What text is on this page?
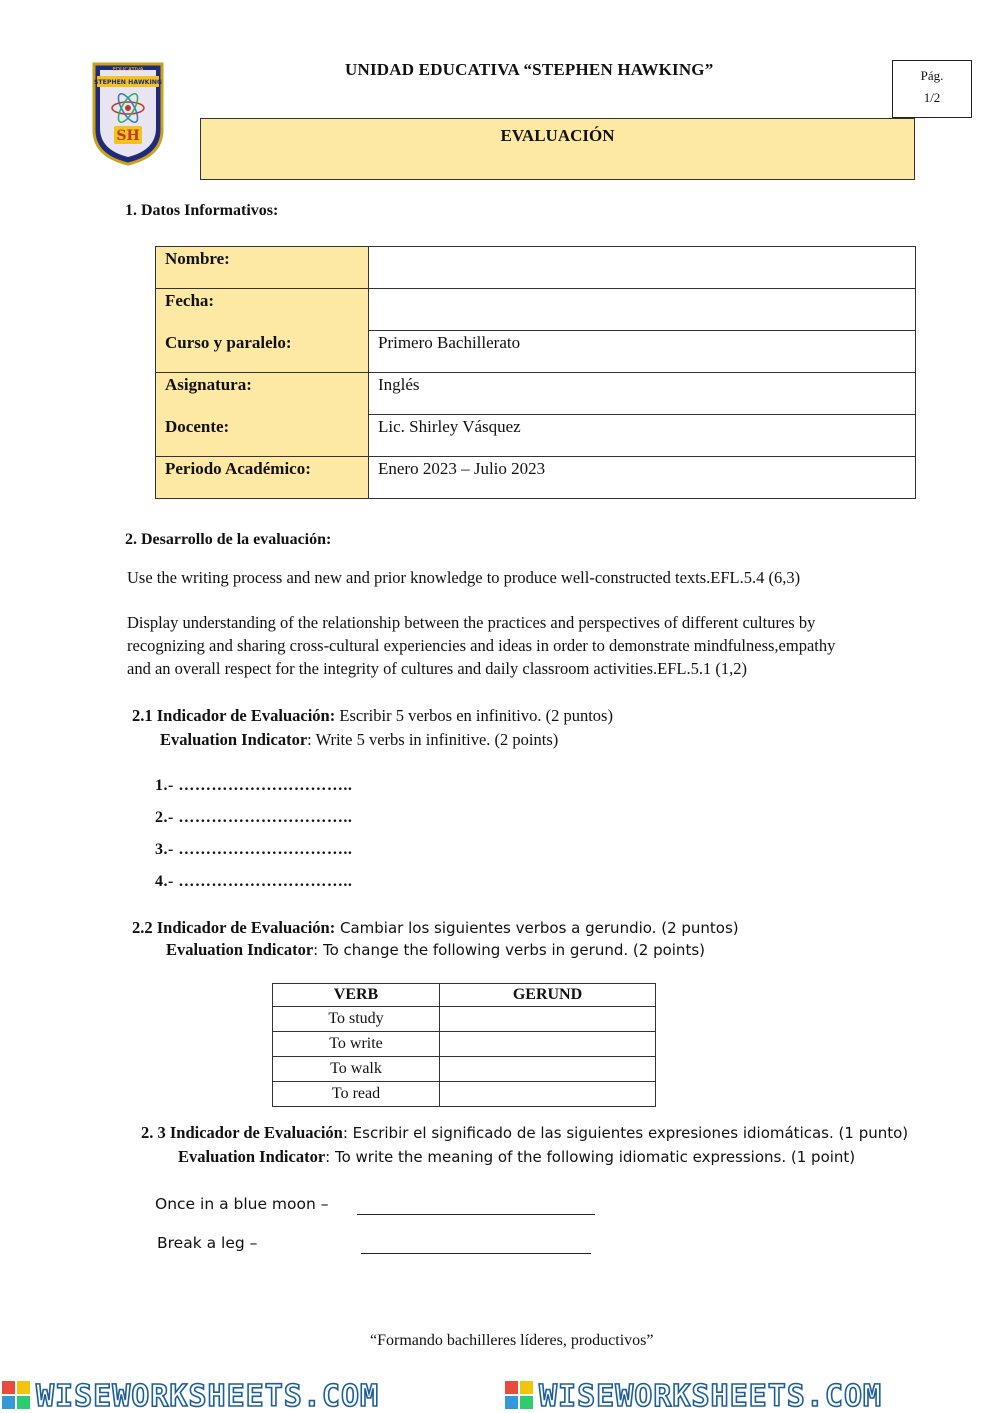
EDUCATIVA
STEPHEN HAWKING
SH
UNIDAD EDUCATIVA “STEPHEN HAWKING”	Pág.
1/2
EVALUACIÓN
1. Datos Informativos:
Nombre:	
Fecha:	
Curso y paralelo:	Primero Bachillerato
Asignatura:	Inglés
Docente:	Lic. Shirley Vásquez
Periodo Académico:	Enero 2023 – Julio 2023
2. Desarrollo de la evaluación:
Use the writing process and new and prior knowledge to produce well-constructed texts.EFL.5.4 (6,3)
Display understanding of the relationship between the practices and perspectives of different cultures by
recognizing and sharing cross-cultural experiencies and ideas in order to demonstrate mindfulness,empathy
and an overall respect for the integrity of cultures and daily classroom activities.EFL.5.1 (1,2)
2.1 Indicador de Evaluación: Escribir 5 verbos en infinitivo. (2 puntos)
Evaluation Indicator: Write 5 verbs in infinitive. (2 points)
1.- …………………………..
2.- …………………………..
3.- …………………………..
4.- …………………………..
2.2 Indicador de Evaluación: Cambiar los siguientes verbos a gerundio. (2 puntos)
Evaluation Indicator: To change the following verbs in gerund. (2 points)
VERB	GERUND
To study	
To write	
To walk	
To read	
2. 3 Indicador de Evaluación: Escribir el significado de las siguientes expresiones idiomáticas. (1 punto)
Evaluation Indicator: To write the meaning of the following idiomatic expressions. (1 point)
Once in a blue moon –
Break a leg –
“Formando bachilleres líderes, productivos”
WISEWORKSHEETS.COM	WISEWORKSHEETS.COM
